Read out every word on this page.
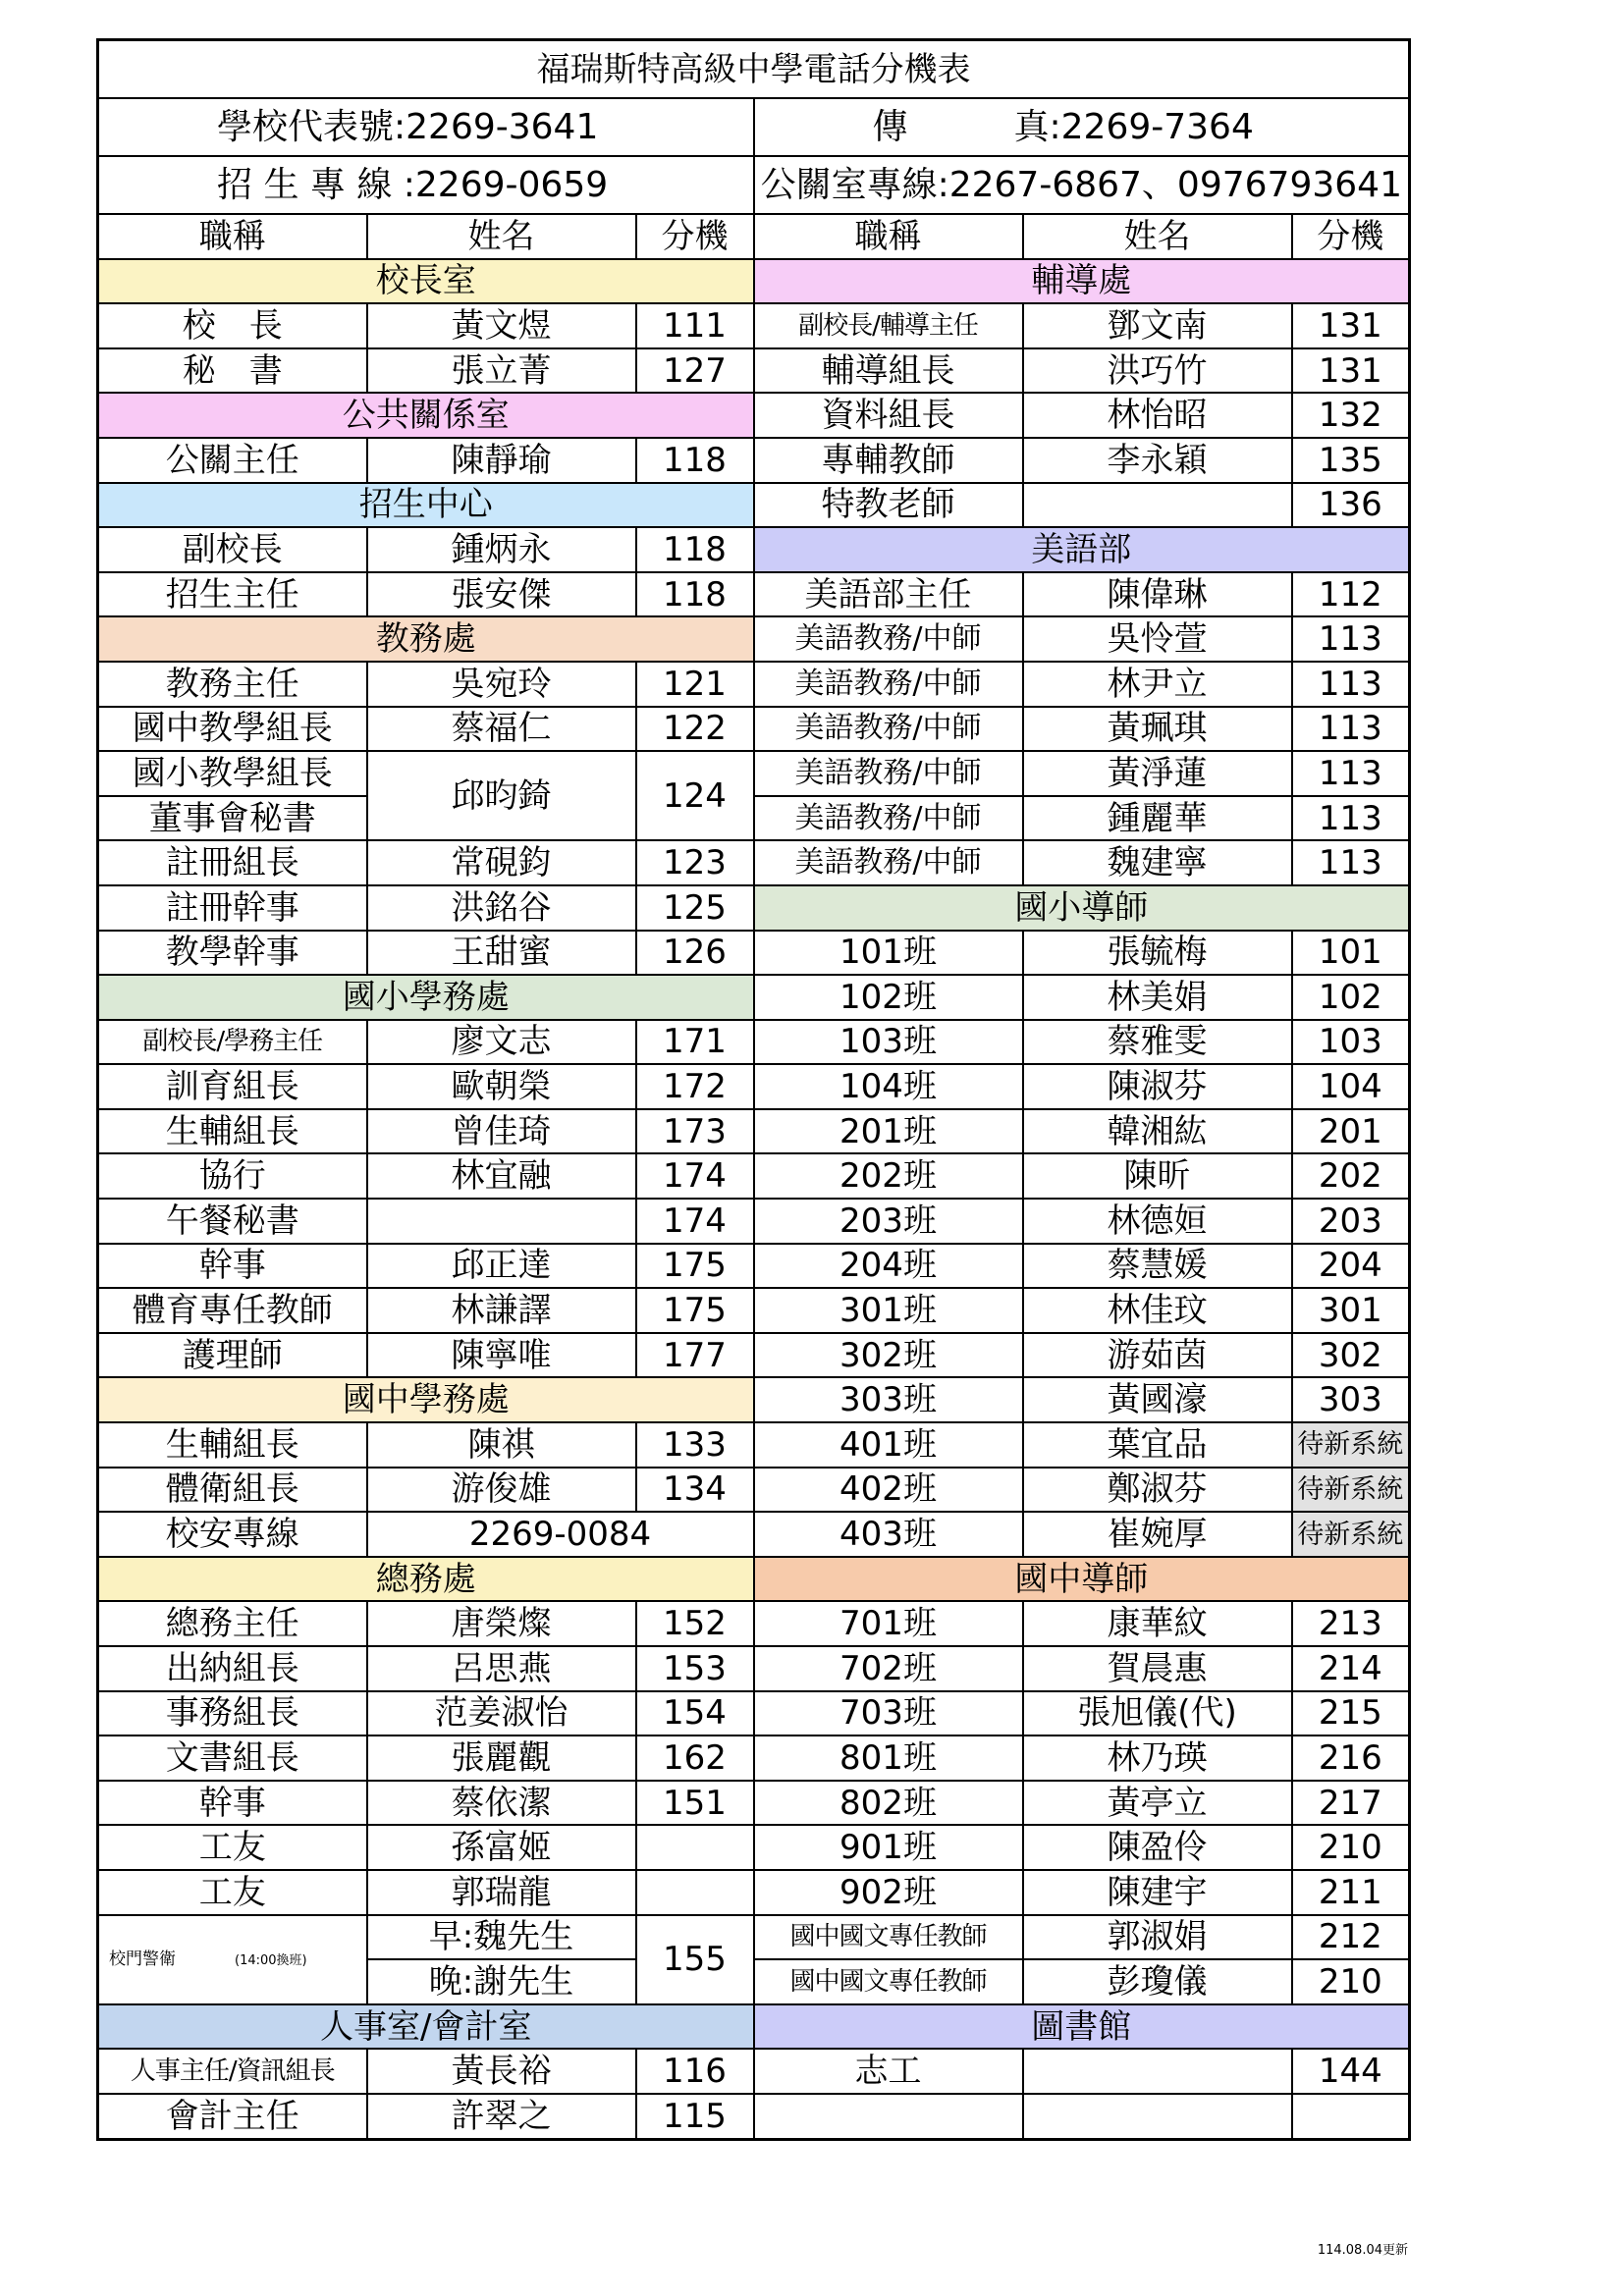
福瑞斯特高級中學電話分機表					
學校代表號:2269-3641			傳　　　真:2269-7364		
招 生 專 線 :2269-0659			公關室專線:2267-6867、0976793641		
職稱	姓名	分機	職稱	姓名	分機
校長室			輔導處		
校　長	黃文煜	111	副校長/輔導主任	鄧文南	131
秘　書	張立菁	127	輔導組長	洪巧竹	131
公共關係室			資料組長	林怡昭	132
公關主任	陳靜瑜	118	專輔教師	李永穎	135
招生中心			特教老師		136
副校長	鍾炳永	118	美語部		
招生主任	張安傑	118	美語部主任	陳偉琳	112
教務處			美語教務/中師	吳怜萱	113
教務主任	吳宛玲	121	美語教務/中師	林尹立	113
國中教學組長	蔡福仁	122	美語教務/中師	黃珮琪	113
國小教學組長	邱昀錡	124	美語教務/中師	黃淨蓮	113
董事會秘書			美語教務/中師	鍾麗華	113
註冊組長	常硯鈞	123	美語教務/中師	魏建寧	113
註冊幹事	洪銘谷	125	國小導師		
教學幹事	王甜蜜	126	101班	張毓梅	101
國小學務處			102班	林美娟	102
副校長/學務主任	廖文志	171	103班	蔡雅雯	103
訓育組長	歐朝榮	172	104班	陳淑芬	104
生輔組長	曾佳琦	173	201班	韓湘紘	201
協行	林宜融	174	202班	陳昕	202
午餐秘書		174	203班	林德姮	203
幹事	邱正達	175	204班	蔡慧媛	204
體育專任教師	林謙譯	175	301班	林佳玟	301
護理師	陳寧唯	177	302班	游茹茵	302
國中學務處			303班	黃國濠	303
生輔組長	陳祺	133	401班	葉宜品	待新系統
體衛組長	游俊雄	134	402班	鄭淑芬	待新系統
校安專線	2269-0084		403班	崔婉厚	待新系統
總務處			國中導師		
總務主任	唐榮燦	152	701班	康華紋	213
出納組長	呂思燕	153	702班	賀晨惠	214
事務組長	范姜淑怡	154	703班	張旭儀(代)	215
文書組長	張麗觀	162	801班	林乃瑛	216
幹事	蔡依潔	151	802班	黃亭立	217
工友	孫富姬		901班	陳盈伶	210
工友	郭瑞龍		902班	陳建宇	211
校門警衛 (14:00換班)	早:魏先生	155	國中國文專任教師	郭淑娟	212
	晚:謝先生		國中國文專任教師	彭瓊儀	210
人事室/會計室			圖書館		
人事主任/資訊組長	黃長裕	116	志工		144
會計主任	許翠之	115			
114.08.04更新
